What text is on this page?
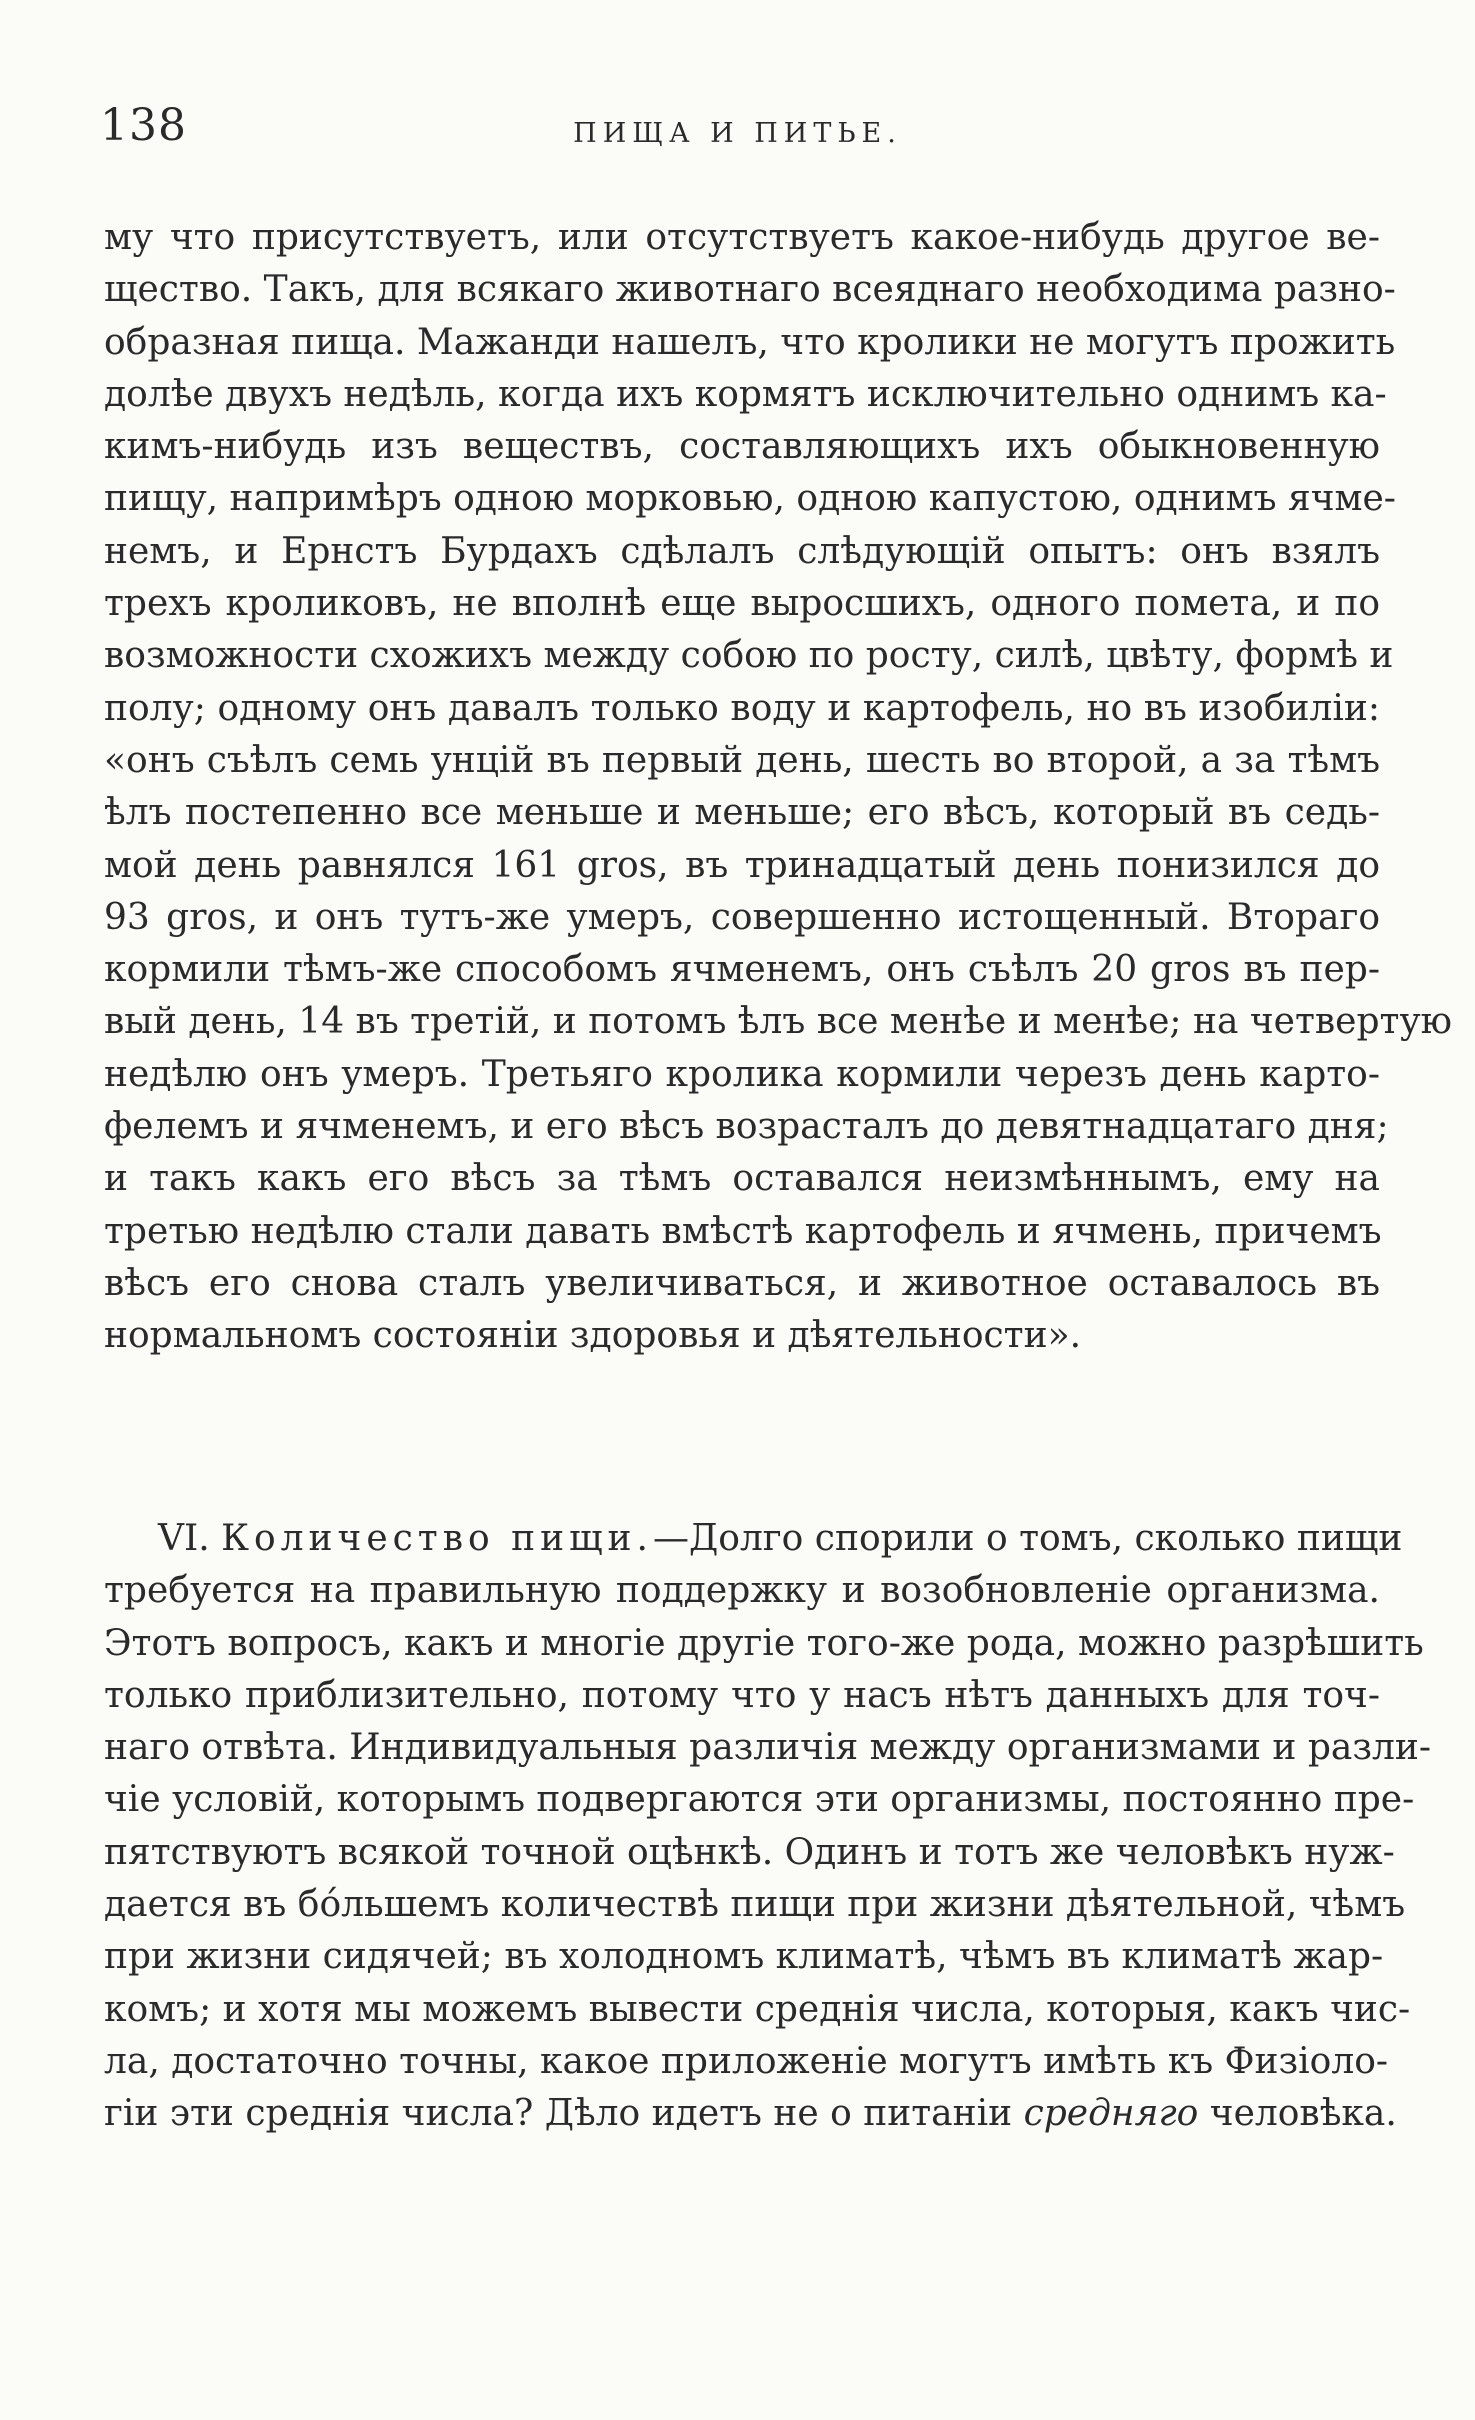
138	ПИЩА И ПИТЬЕ.
му что присутствуетъ, или отсутствуетъ какое-нибудь другое ве-
щество. Такъ, для всякаго животнаго всеяднаго необходима разно-
образная пища. Мажанди нашелъ, что кролики не могутъ прожить
долѣе двухъ недѣль, когда ихъ кормятъ исключительно однимъ ка-
кимъ-нибудь изъ веществъ, составляющихъ ихъ обыкновенную
пищу, напримѣръ одною морковью, одною капустою, однимъ ячме-
немъ, и Ернстъ Бурдахъ сдѣлалъ слѣдующій опытъ: онъ взялъ
трехъ кроликовъ, не вполнѣ еще выросшихъ, одного помета, и по
возможности схожихъ между собою по росту, силѣ, цвѣту, формѣ и
полу; одному онъ давалъ только воду и картофель, но въ изобиліи:
«онъ съѣлъ семь унцій въ первый день, шесть во второй, а за тѣмъ
ѣлъ постепенно все меньше и меньше; его вѣсъ, который въ седь-
мой день равнялся 161 gros, въ тринадцатый день понизился до
93 gros, и онъ тутъ-же умеръ, совершенно истощенный. Втораго
кормили тѣмъ-же способомъ ячменемъ, онъ съѣлъ 20 gros въ пер-
вый день, 14 въ третій, и потомъ ѣлъ все менѣе и менѣе; на четвертую
недѣлю онъ умеръ. Третьяго кролика кормили черезъ день карто-
фелемъ и ячменемъ, и его вѣсъ возрасталъ до девятнадцатаго дня;
и такъ какъ его вѣсъ за тѣмъ оставался неизмѣннымъ, ему на
третью недѣлю стали давать вмѣстѣ картофель и ячмень, причемъ
вѣсъ его снова сталъ увеличиваться, и животное оставалось въ
нормальномъ состояніи здоровья и дѣятельности».
VI. Количество пищи.—Долго спорили о томъ, сколько пищи
требуется на правильную поддержку и возобновленіе организма.
Этотъ вопросъ, какъ и многіе другіе того-же рода, можно разрѣшить
только приблизительно, потому что у насъ нѣтъ данныхъ для точ-
наго отвѣта. Индивидуальныя различія между организмами и разли-
чіе условій, которымъ подвергаются эти организмы, постоянно пре-
пятствуютъ всякой точной оцѣнкѣ. Одинъ и тотъ же человѣкъ нуж-
дается въ бóльшемъ количествѣ пищи при жизни дѣятельной, чѣмъ
при жизни сидячей; въ холодномъ климатѣ, чѣмъ въ климатѣ жар-
комъ; и хотя мы можемъ вывести среднія числа, которыя, какъ чис-
ла, достаточно точны, какое приложеніе могутъ имѣть къ Физіоло-
гіи эти среднія числа? Дѣло идетъ не о питаніи средняго человѣка.
